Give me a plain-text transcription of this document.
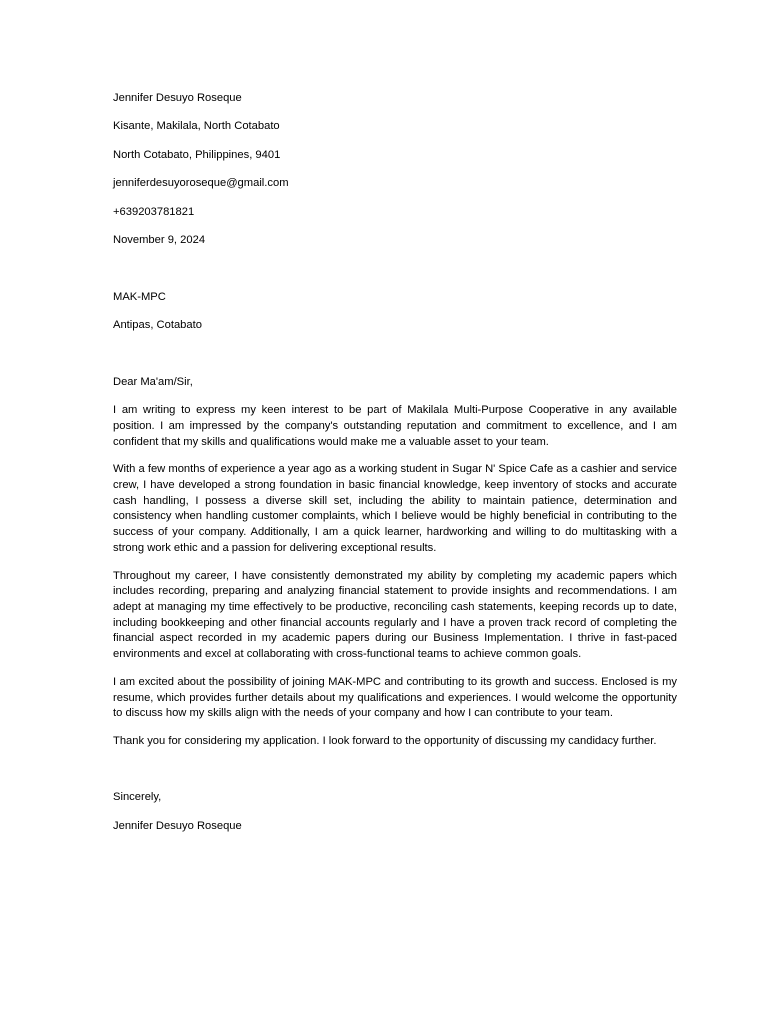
Jennifer Desuyo Roseque
Kisante, Makilala, North Cotabato
North Cotabato, Philippines, 9401
jenniferdesuyoroseque@gmail.com
+639203781821
November 9, 2024
MAK-MPC
Antipas, Cotabato
Dear Ma'am/Sir,

I am writing to express my keen interest to be part of Makilala Multi-Purpose Cooperative in any available position. I am impressed by the company's outstanding reputation and commitment to excellence, and I am confident that my skills and qualifications would make me a valuable asset to your team.

With a few months of experience a year ago as a working student in Sugar N' Spice Cafe as a cashier and service crew, I have developed a strong foundation in basic financial knowledge, keep inventory of stocks and accurate cash handling, I possess a diverse skill set, including the ability to maintain patience, determination and consistency when handling customer complaints, which I believe would be highly beneficial in contributing to the success of your company. Additionally, I am a quick learner, hardworking and willing to do multitasking with a strong work ethic and a passion for delivering exceptional results.

Throughout my career, I have consistently demonstrated my ability by completing my academic papers which includes recording, preparing and analyzing financial statement to provide insights and recommendations. I am adept at managing my time effectively to be productive, reconciling cash statements, keeping records up to date, including bookkeeping and other financial accounts regularly and I have a proven track record of completing the financial aspect recorded in my academic papers during our Business Implementation. I thrive in fast-paced environments and excel at collaborating with cross-functional teams to achieve common goals.

I am excited about the possibility of joining MAK-MPC and contributing to its growth and success. Enclosed is my resume, which provides further details about my qualifications and experiences. I would welcome the opportunity to discuss how my skills align with the needs of your company and how I can contribute to your team.

Thank you for considering my application. I look forward to the opportunity of discussing my candidacy further.

Sincerely,
Jennifer Desuyo Roseque
